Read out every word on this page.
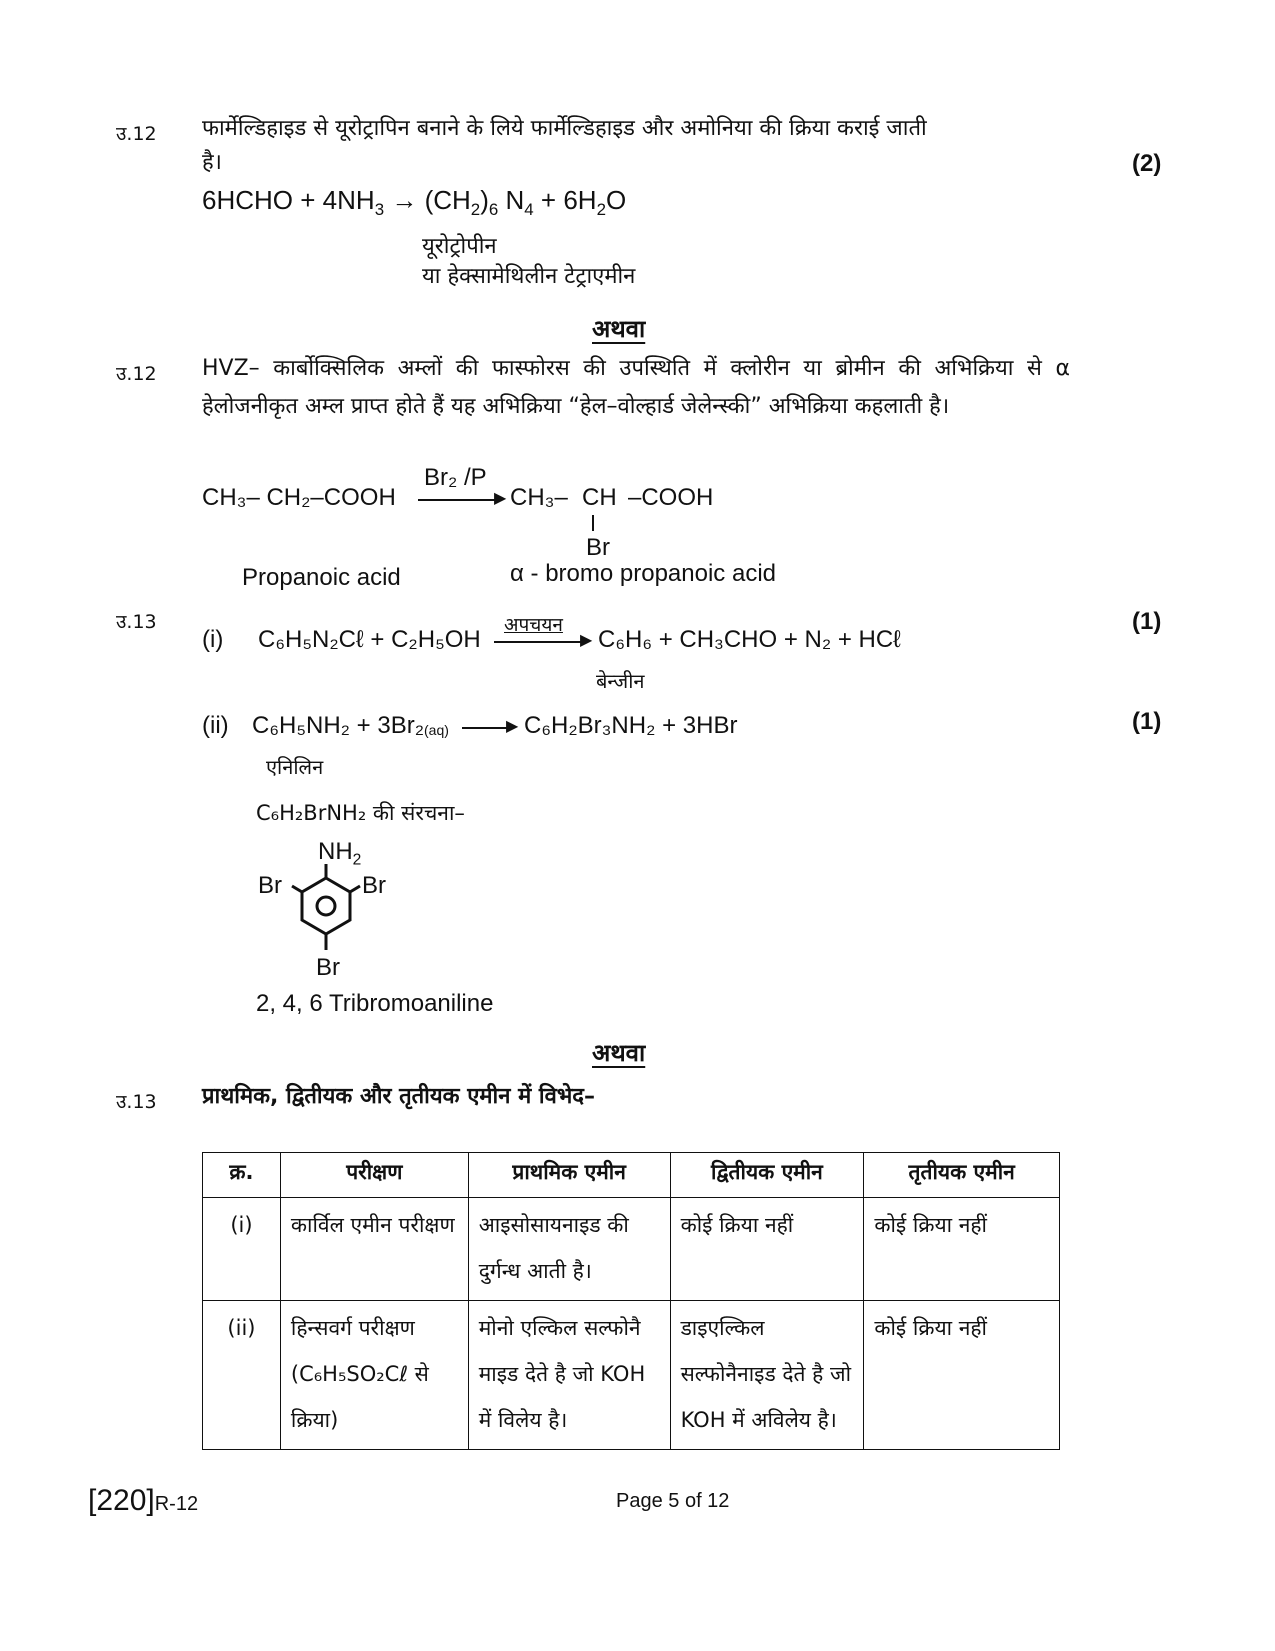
उ.12 फार्मेल्डिहाइड से यूरोट्रापिन बनाने के लिये फार्मेल्डिहाइड और अमोनिया की क्रिया कराई जाती
है।	(2)
6HCHO + $4NH_3 \to (CH_2)_6$ $N_4 + 6H_2O$
यूरोट्रोपीन
या हेक्सामेथिलीन टेट्राएमीन
अथवा
उ.12 HVZ– कार्बोक्सिलिक अम्लों की फास्फोरस की उपस्थिति में क्लोरीन या ब्रोमीन की अभिक्रिया से α हेलोजनीकृत अम्ल प्राप्त होते हैं यह अभिक्रिया “हेल–वोल्हार्ड जेलेन्स्की” अभिक्रिया कहलाती है।
CH₃– CH₂–COOH
Br₂ /P
▶ CH₃– CH –COOH
Br
Propanoic acid	α - bromo propanoic acid
उ.13	(1)
(i) C₆H₅N₂Cℓ + C₂H₅OH
अपचयन
▶ C₆H₆ + CH₃CHO + N₂ + HCℓ
बेन्जीन
(1)
(ii) C₆H₅NH₂ + 3Br₂ (aq)	▶ C₆H₂Br₃NH₂ + 3HBr
एनिलिन
C₆H₂BrNH₂ की संरचना–
$NH_2$
Br	Br
Br
2, 4, 6 Tribromoaniline
अथवा
उ.13 प्राथमिक, द्वितीयक और तृतीयक एमीन में विभेद–
क्र.	परीक्षण	प्राथमिक एमीन	द्वितीयक एमीन	तृतीयक एमीन
(i)	कार्विल एमीन परीक्षण	आइसोसायनाइड की दुर्गन्ध आती है।	कोई क्रिया नहीं	कोई क्रिया नहीं
(ii)	हिन्सवर्ग परीक्षण (C₆H₅SO₂Cℓ से क्रिया)	मोनो एल्किल सल्फोनै माइड देते है जो KOH में विलेय है।	डाइएल्किल सल्फोनैनाइड देते है जो KOH में अविलेय है।	कोई क्रिया नहीं
[220]R-12	Page 5 of 12
